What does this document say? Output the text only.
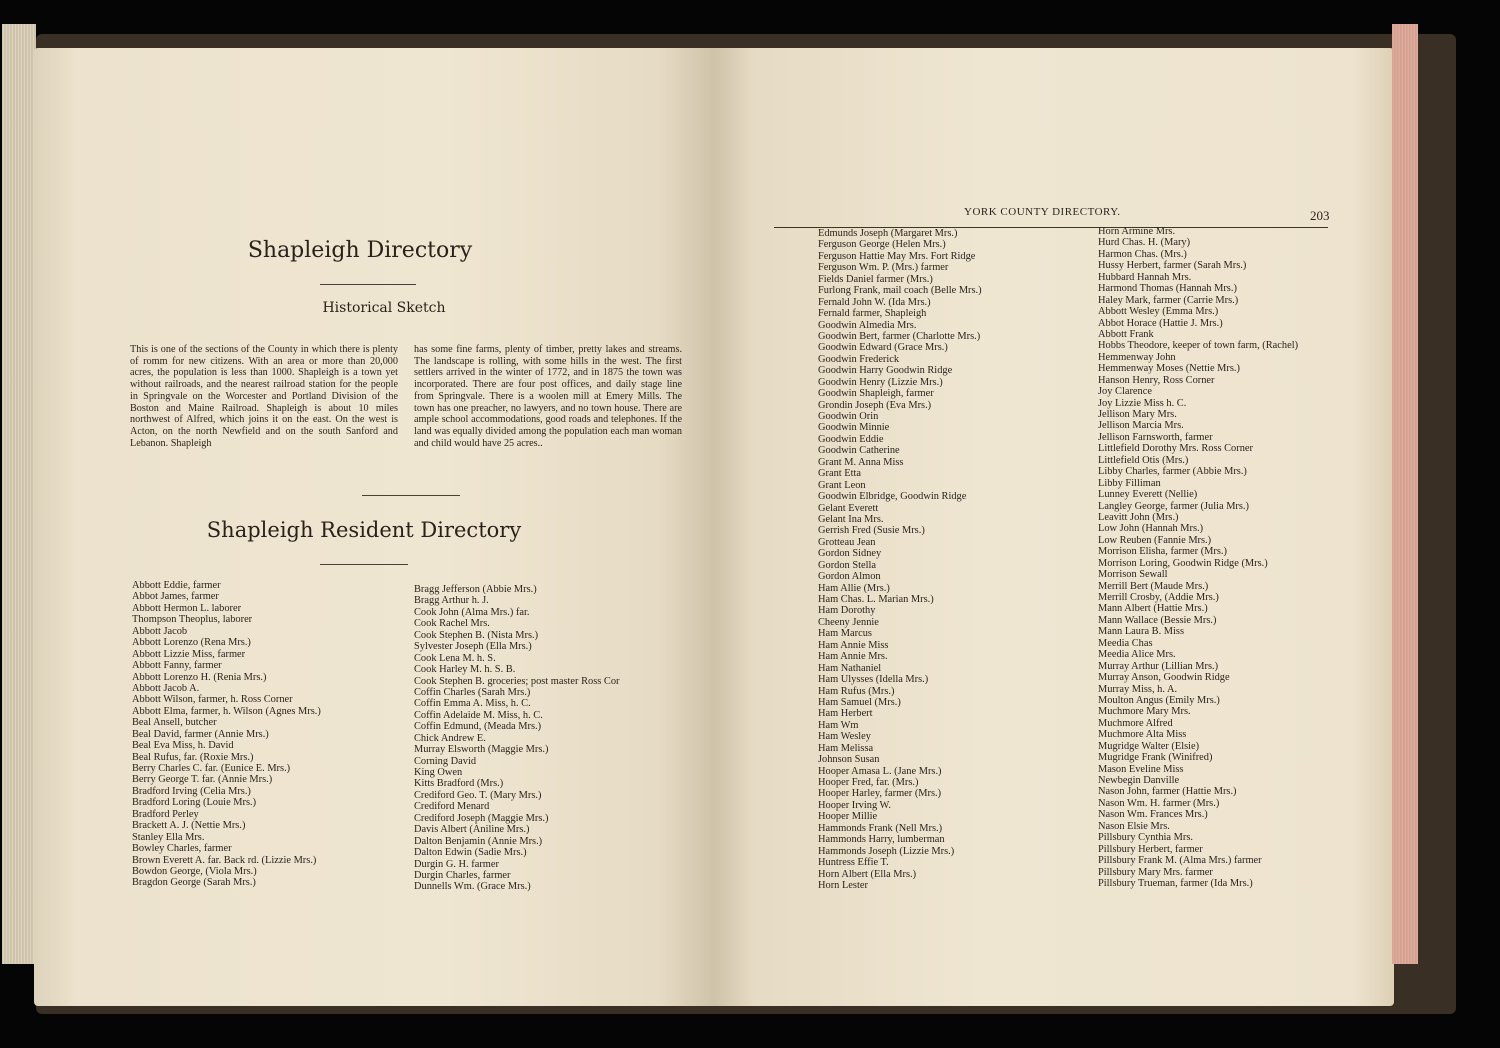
Shapleigh Directory
Historical Sketch
This is one of the sections of the County in which there is plenty of romm for new citizens. With an area or more than 20,000 acres, the population is less than 1000. Shapleigh is a town yet without railroads, and the nearest railroad station for the people in Springvale on the Worcester and Portland Division of the Boston and Maine Railroad. Shapleigh is about 10 miles northwest of Alfred, which joins it on the east. On the west is Acton, on the north Newfield and on the south Sanford and Lebanon. Shapleigh
has some fine farms, plenty of timber, pretty lakes and streams. The landscape is rolling, with some hills in the west. The first settlers arrived in the winter of 1772, and in 1875 the town was incorporated. There are four post offices, and daily stage line from Springvale. There is a woolen mill at Emery Mills. The town has one preacher, no lawyers, and no town house. There are ample school accommodations, good roads and telephones. If the land was equally divided among the population each man woman and child would have 25 acres..
Shapleigh Resident Directory
Abbott Eddie, farmer
Abbot James, farmer
Abbott Hermon L. laborer
Thompson Theoplus, laborer
Abbott Jacob
Abbott Lorenzo (Rena Mrs.)
Abbott Lizzie Miss, farmer
Abbott Fanny, farmer
Abbott Lorenzo H. (Renia Mrs.)
Abbott Jacob A.
Abbott Wilson, farmer, h. Ross Corner
Abbott Elma, farmer, h. Wilson (Agnes Mrs.)
Beal Ansell, butcher
Beal David, farmer (Annie Mrs.)
Beal Eva Miss, h. David
Beal Rufus, far. (Roxie Mrs.)
Berry Charles C. far. (Eunice E. Mrs.)
Berry George T. far. (Annie Mrs.)
Bradford Irving (Celia Mrs.)
Bradford Loring (Louie Mrs.)
Bradford Perley
Brackett A. J. (Nettie Mrs.)
Stanley Ella Mrs.
Bowley Charles, farmer
Brown Everett A. far. Back rd. (Lizzie Mrs.)
Bowdon George, (Viola Mrs.)
Bragdon George (Sarah Mrs.)
Bragg Jefferson (Abbie Mrs.)
Bragg Arthur h. J.
Cook John (Alma Mrs.) far.
Cook Rachel Mrs.
Cook Stephen B. (Nista Mrs.)
Sylvester Joseph (Ella Mrs.)
Cook Lena M. h. S.
Cook Harley M. h. S. B.
Cook Stephen B. groceries; post master Ross Cor
Coffin Charles (Sarah Mrs.)
Coffin Emma A. Miss, h. C.
Coffin Adelaide M. Miss, h. C.
Coffin Edmund, (Meada Mrs.)
Chick Andrew E.
Murray Elsworth (Maggie Mrs.)
Corning David
King Owen
Kitts Bradford (Mrs.)
Crediford Geo. T. (Mary Mrs.)
Crediford Menard
Crediford Joseph (Maggie Mrs.)
Davis Albert (Aniline Mrs.)
Dalton Benjamin (Annie Mrs.)
Dalton Edwin (Sadie Mrs.)
Durgin G. H. farmer
Durgin Charles, farmer
Dunnells Wm. (Grace Mrs.)
YORK COUNTY DIRECTORY.	203
Edmunds Joseph (Margaret Mrs.)
Ferguson George (Helen Mrs.)
Ferguson Hattie May Mrs. Fort Ridge
Ferguson Wm. P. (Mrs.) farmer
Fields Daniel farmer (Mrs.)
Furlong Frank, mail coach (Belle Mrs.)
Fernald John W. (Ida Mrs.)
Fernald farmer, Shapleigh
Goodwin Almedia Mrs.
Goodwin Bert, farmer (Charlotte Mrs.)
Goodwin Edward (Grace Mrs.)
Goodwin Frederick
Goodwin Harry Goodwin Ridge
Goodwin Henry (Lizzie Mrs.)
Goodwin Shapleigh, farmer
Grondin Joseph (Eva Mrs.)
Goodwin Orin
Goodwin Minnie
Goodwin Eddie
Goodwin Catherine
Grant M. Anna Miss
Grant Etta
Grant Leon
Goodwin Elbridge, Goodwin Ridge
Gelant Everett
Gelant Ina Mrs.
Gerrish Fred (Susie Mrs.)
Grotteau Jean
Gordon Sidney
Gordon Stella
Gordon Almon
Ham Allie (Mrs.)
Ham Chas. L. Marian Mrs.)
Ham Dorothy
Cheeny Jennie
Ham Marcus
Ham Annie Miss
Ham Annie Mrs.
Ham Nathaniel
Ham Ulysses (Idella Mrs.)
Ham Rufus (Mrs.)
Ham Samuel (Mrs.)
Ham Herbert
Ham Wm
Ham Wesley
Ham Melissa
Johnson Susan
Hooper Amasa L. (Jane Mrs.)
Hooper Fred, far. (Mrs.)
Hooper Harley, farmer (Mrs.)
Hooper Irving W.
Hooper Millie
Hammonds Frank (Nell Mrs.)
Hammonds Harry, lumberman
Hammonds Joseph (Lizzie Mrs.)
Huntress Effie T.
Horn Albert (Ella Mrs.)
Horn Lester
Horn Armine Mrs.
Hurd Chas. H. (Mary)
Harmon Chas. (Mrs.)
Hussy Herbert, farmer (Sarah Mrs.)
Hubbard Hannah Mrs.
Harmond Thomas (Hannah Mrs.)
Haley Mark, farmer (Carrie Mrs.)
Abbott Wesley (Emma Mrs.)
Abbot Horace (Hattie J. Mrs.)
Abbott Frank
Hobbs Theodore, keeper of town farm, (Rachel)
Hemmenway John
Hemmenway Moses (Nettie Mrs.)
Hanson Henry, Ross Corner
Joy Clarence
Joy Lizzie Miss h. C.
Jellison Mary Mrs.
Jellison Marcia Mrs.
Jellison Farnsworth, farmer
Littlefield Dorothy Mrs. Ross Corner
Littlefield Otis (Mrs.)
Libby Charles, farmer (Abbie Mrs.)
Libby Filliman
Lunney Everett (Nellie)
Langley George, farmer (Julia Mrs.)
Leavitt John (Mrs.)
Low John (Hannah Mrs.)
Low Reuben (Fannie Mrs.)
Morrison Elisha, farmer (Mrs.)
Morrison Loring, Goodwin Ridge (Mrs.)
Morrison Sewall
Merrill Bert (Maude Mrs.)
Merrill Crosby, (Addie Mrs.)
Mann Albert (Hattie Mrs.)
Mann Wallace (Bessie Mrs.)
Mann Laura B. Miss
Meedia Chas
Meedia Alice Mrs.
Murray Arthur (Lillian Mrs.)
Murray Anson, Goodwin Ridge
Murray Miss, h. A.
Moulton Angus (Emily Mrs.)
Muchmore Mary Mrs.
Muchmore Alfred
Muchmore Alta Miss
Mugridge Walter (Elsie)
Mugridge Frank (Winifred)
Mason Eveline Miss
Newbegin Danville
Nason John, farmer (Hattie Mrs.)
Nason Wm. H. farmer (Mrs.)
Nason Wm. Frances Mrs.)
Nason Elsie Mrs.
Pillsbury Cynthia Mrs.
Pillsbury Herbert, farmer
Pillsbury Frank M. (Alma Mrs.) farmer
Pillsbury Mary Mrs. farmer
Pillsbury Trueman, farmer (Ida Mrs.)
